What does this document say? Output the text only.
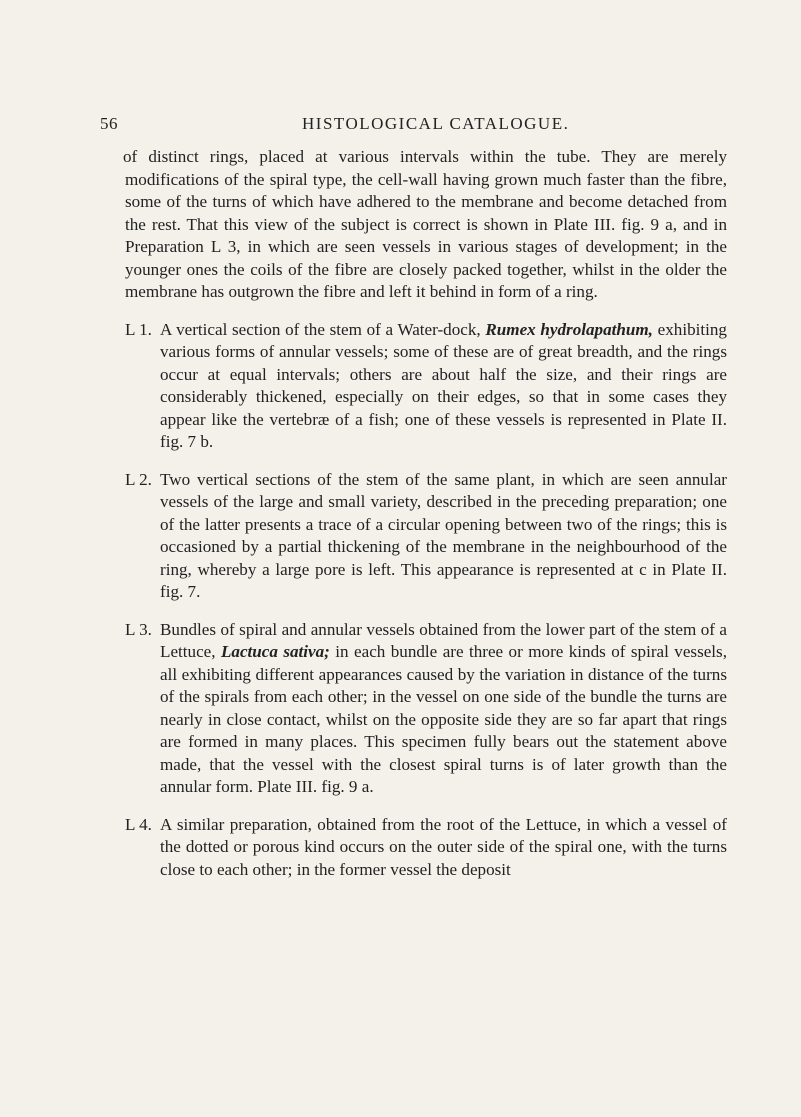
56	HISTOLOGICAL CATALOGUE.

of distinct rings, placed at various intervals within the tube. They are merely modifications of the spiral type, the cell-wall having grown much faster than the fibre, some of the turns of which have adhered to the membrane and become detached from the rest. That this view of the subject is correct is shown in Plate III. fig. 9 a, and in Preparation L 3, in which are seen vessels in various stages of development; in the younger ones the coils of the fibre are closely packed together, whilst in the older the membrane has outgrown the fibre and left it behind in form of a ring.

L 1. A vertical section of the stem of a Water-dock, Rumex hydrolapathum, exhibiting various forms of annular vessels; some of these are of great breadth, and the rings occur at equal intervals; others are about half the size, and their rings are considerably thickened, especially on their edges, so that in some cases they appear like the vertebræ of a fish; one of these vessels is represented in Plate II. fig. 7 b.

L 2. Two vertical sections of the stem of the same plant, in which are seen annular vessels of the large and small variety, described in the preceding preparation; one of the latter presents a trace of a circular opening between two of the rings; this is occasioned by a partial thickening of the membrane in the neighbourhood of the ring, whereby a large pore is left. This appearance is represented at c in Plate II. fig. 7.

L 3. Bundles of spiral and annular vessels obtained from the lower part of the stem of a Lettuce, Lactuca sativa; in each bundle are three or more kinds of spiral vessels, all exhibiting different appearances caused by the variation in distance of the turns of the spirals from each other; in the vessel on one side of the bundle the turns are nearly in close contact, whilst on the opposite side they are so far apart that rings are formed in many places. This specimen fully bears out the statement above made, that the vessel with the closest spiral turns is of later growth than the annular form. Plate III. fig. 9 a.

L 4. A similar preparation, obtained from the root of the Lettuce, in which a vessel of the dotted or porous kind occurs on the outer side of the spiral one, with the turns close to each other; in the former vessel the deposit
